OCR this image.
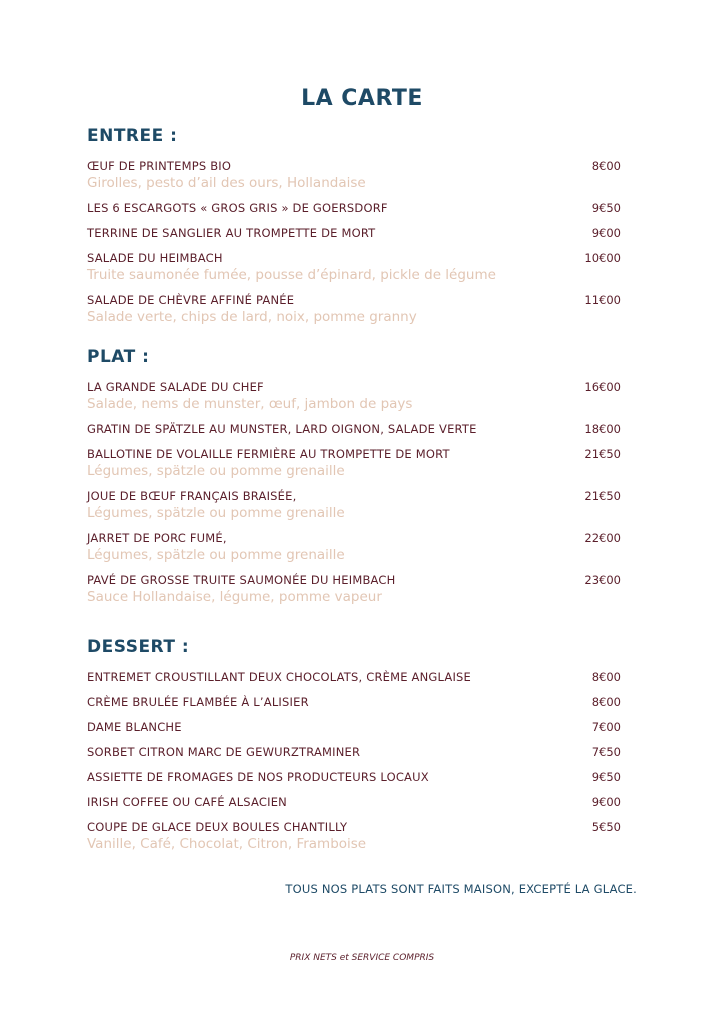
LA CARTE
ENTREE :
ŒUF DE PRINTEMPS BIO	8€00
Girolles, pesto d’ail des ours, Hollandaise
LES 6 ESCARGOTS « GROS GRIS » DE GOERSDORF	9€50
TERRINE DE SANGLIER AU TROMPETTE DE MORT	9€00
SALADE DU HEIMBACH	10€00
Truite saumonée fumée, pousse d’épinard, pickle de légume
SALADE DE CHÈVRE AFFINÉ PANÉE	11€00
Salade verte, chips de lard, noix, pomme granny
PLAT :
LA GRANDE SALADE DU CHEF	16€00
Salade, nems de munster, œuf, jambon de pays
GRATIN DE SPÄTZLE AU MUNSTER, LARD OIGNON, SALADE VERTE	18€00
BALLOTINE DE VOLAILLE FERMIÈRE AU TROMPETTE DE MORT	21€50
Légumes, spätzle ou pomme grenaille
JOUE DE BŒUF FRANÇAIS BRAISÉE,	21€50
Légumes, spätzle ou pomme grenaille
JARRET DE PORC FUMÉ,	22€00
Légumes, spätzle ou pomme grenaille
PAVÉ DE GROSSE TRUITE SAUMONÉE DU HEIMBACH	23€00
Sauce Hollandaise, légume, pomme vapeur
DESSERT :
ENTREMET CROUSTILLANT DEUX CHOCOLATS, CRÈME ANGLAISE	8€00
CRÈME BRULÉE FLAMBÉE À L’ALISIER	8€00
DAME BLANCHE	7€00
SORBET CITRON MARC DE GEWURZTRAMINER	7€50
ASSIETTE DE FROMAGES DE NOS PRODUCTEURS LOCAUX	9€50
IRISH COFFEE OU CAFÉ ALSACIEN	9€00
COUPE DE GLACE DEUX BOULES CHANTILLY	5€50
Vanille, Café, Chocolat, Citron, Framboise
TOUS NOS PLATS SONT FAITS MAISON, EXCEPTÉ LA GLACE.
PRIX NETS et SERVICE COMPRIS
